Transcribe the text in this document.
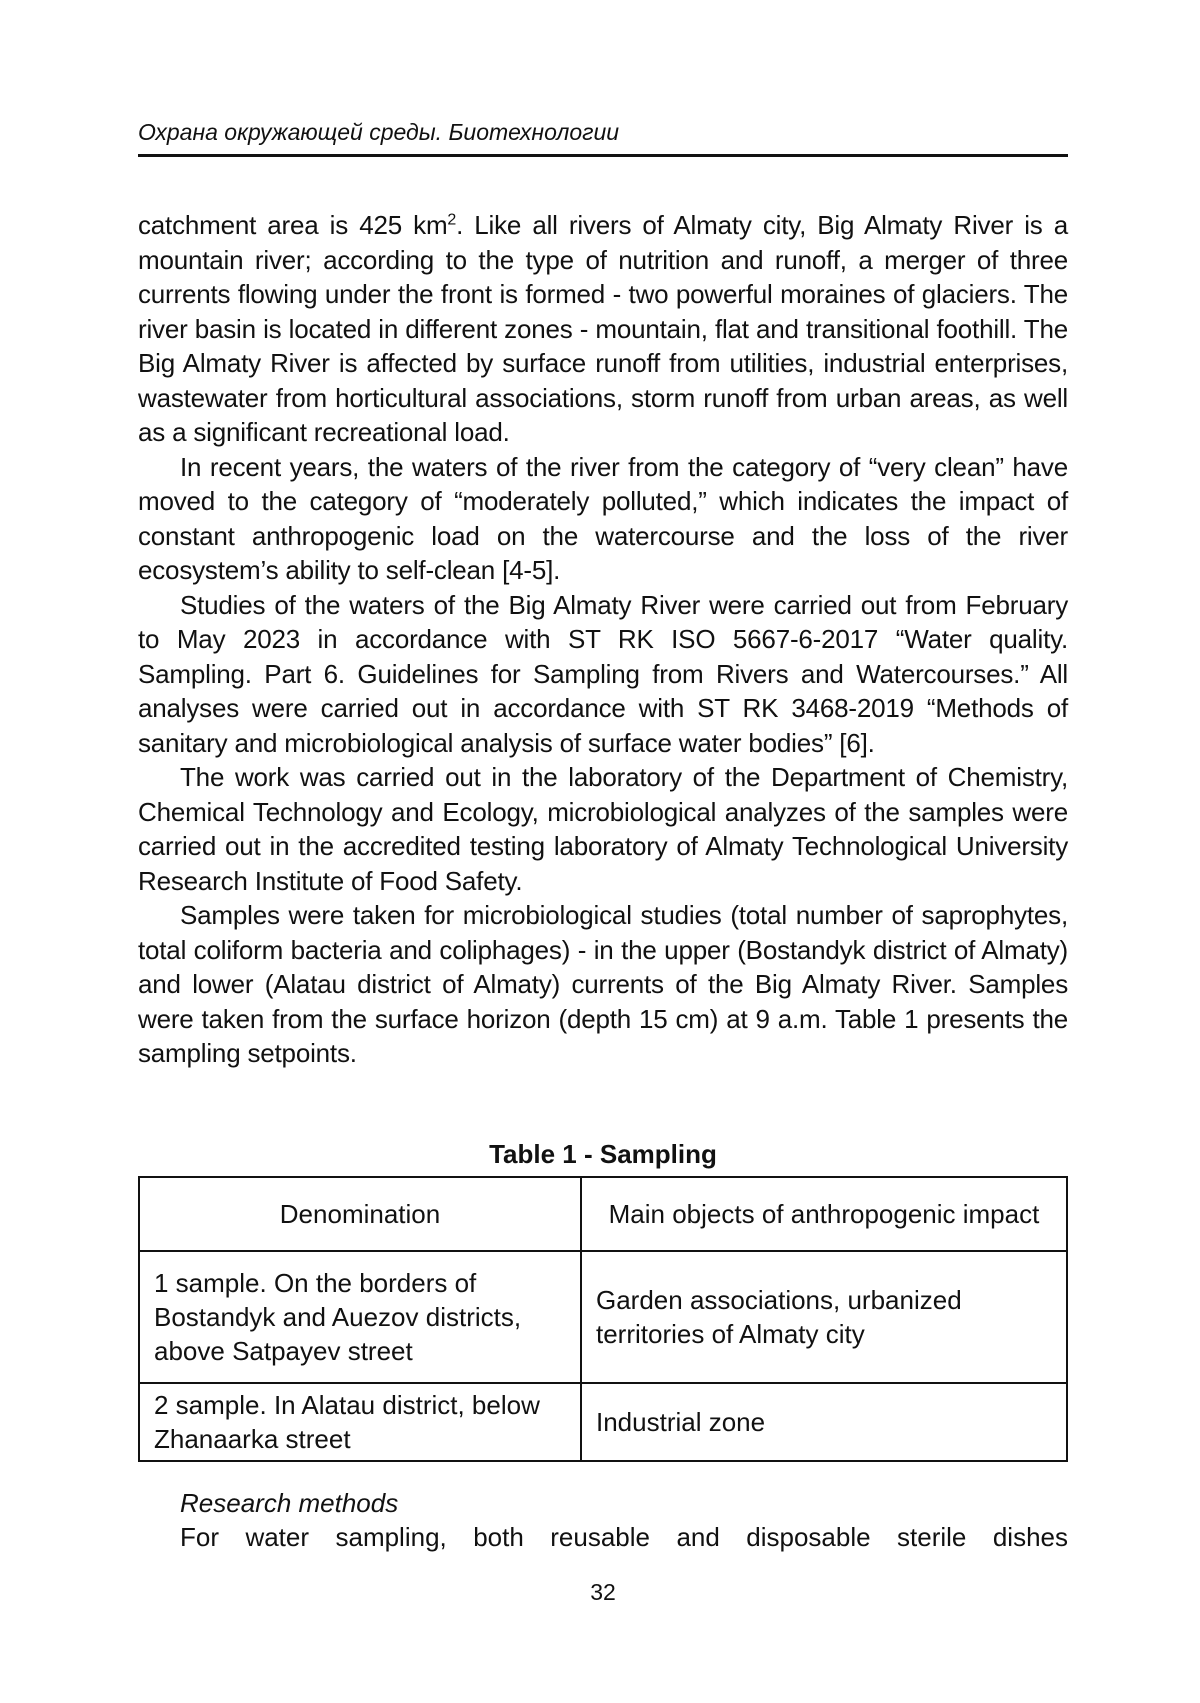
Охрана окружающей среды. Биотехнологии

catchment area is 425 $km^2$. Like all rivers of Almaty city, Big Almaty River is a mountain river; according to the type of nutrition and runoff, a merger of three currents flowing under the front is formed - two powerful moraines of glaciers. The river basin is located in different zones - mountain, flat and transitional foothill. The Big Almaty River is affected by surface runoff from utilities, industrial enterprises, wastewater from horticultural associations, storm runoff from urban areas, as well as a significant recreational load.

In recent years, the waters of the river from the category of “very clean” have moved to the category of “moderately polluted,” which indicates the impact of constant anthropogenic load on the watercourse and the loss of the river ecosystem’s ability to self-clean [4-5].

Studies of the waters of the Big Almaty River were carried out from February to May 2023 in accordance with ST RK ISO 5667-6-2017 “Water quality. Sampling. Part 6. Guidelines for Sampling from Rivers and Watercourses.” All analyses were carried out in accordance with ST RK 3468-2019 “Methods of sanitary and microbiological analysis of surface water bodies” [6].

The work was carried out in the laboratory of the Department of Chemistry, Chemical Technology and Ecology, microbiological analyzes of the samples were carried out in the accredited testing laboratory of Almaty Technological University Research Institute of Food Safety.

Samples were taken for microbiological studies (total number of saprophytes, total coliform bacteria and coliphages) - in the upper (Bostandyk district of Almaty) and lower (Alatau district of Almaty) currents of the Big Almaty River. Samples were taken from the surface horizon (depth 15 cm) at 9 a.m. Table 1 presents the sampling setpoints.

Table 1 - Sampling
Denomination	Main objects of anthropogenic impact
1 sample. On the borders of Bostandyk and Auezov districts, above Satpayev street	Garden associations, urbanized territories of Almaty city
2 sample. In Alatau district, below Zhanaarka street	Industrial zone
Research methods
For water sampling, both reusable and disposable sterile dishes
32
